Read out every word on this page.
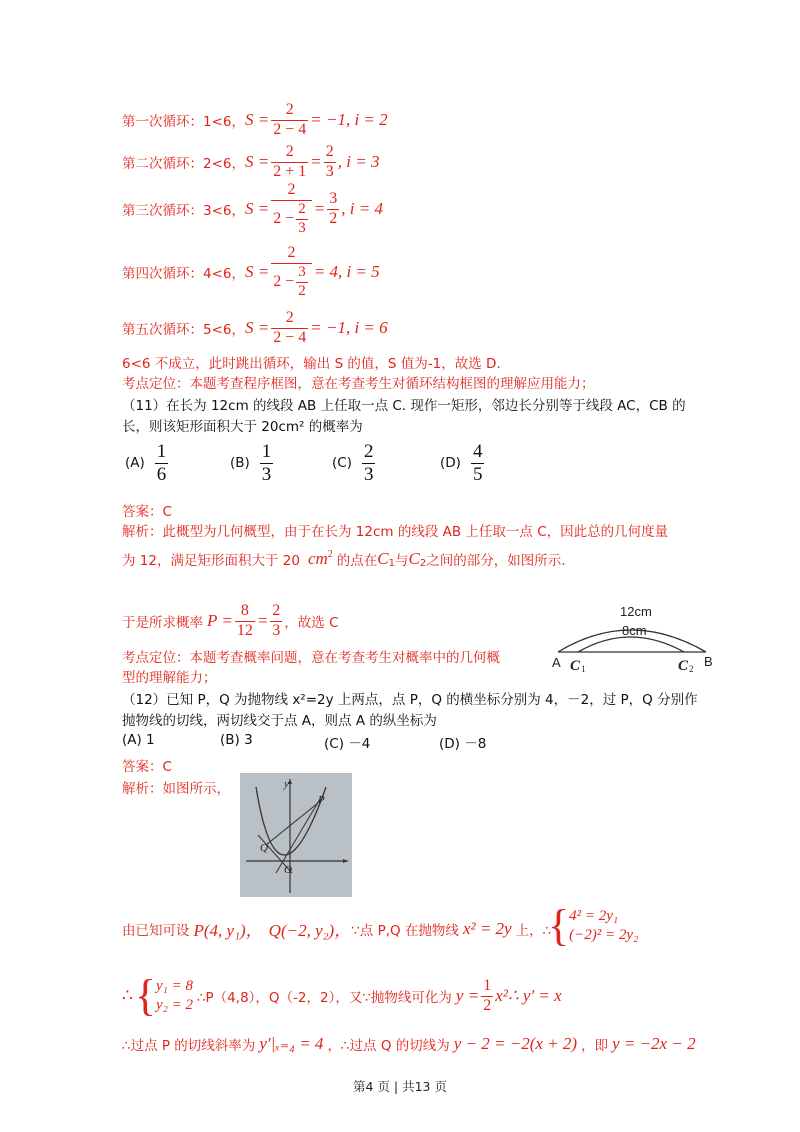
第一次循环：1<6， $S = \frac{2}{2 - 4} = -1$, i = 2
第二次循环：2<6， $S = \frac{2}{2 + 1} = \frac{2}{3}$ , i = 3
第三次循环：3<6， $S = \frac{2}{2 - \frac{2}{3}} = \frac{3}{2}$ , i = 4
第四次循环：4<6， $S = \frac{2}{2 - \frac{3}{2}} = 4$, i = 5
第五次循环：5<6， $S = \frac{2}{2 - 4} = -1$, i = 6
6<6 不成立，此时跳出循环，输出 S 的值，S 值为-1，故选 D.
考点定位：本题考查程序框图，意在考查考生对循环结构框图的理解应用能力；
（11）在长为 12cm 的线段 AB 上任取一点 C. 现作一矩形，邻边长分别等于线段 AC，CB 的
长，则该矩形面积大于 20cm² 的概率为
$(A) \frac{1}{6}$	$(B) \frac{1}{3}$	$(C) \frac{2}{3}$	$(D) \frac{4}{5}$
答案：C
解析：此概型为几何概型，由于在长为 12cm 的线段 AB 上任取一点 C，因此总的几何度量
为 12，满足矩形面积大于 20 $cm^2$ 的点在 $C_1$ 与 $C_2$ 之间的部分，如图所示.
于是所求概率 $P = \frac{8}{12} = \frac{2}{3}$ ，故选 C
考点定位：本题考查概率问题，意在考查考生对概率中的几何概
型的理解能力；
12cm
8cm
A C 1	C 2 B
（12）已知 P，Q 为抛物线 x²=2y 上两点，点 P，Q 的横坐标分别为 4，－2，过 P，Q 分别作
抛物线的切线，两切线交于点 A，则点 A 的纵坐标为
(A) 1	(B) 3	(C) －4	(D) －8
答案：C
解析：如图所示，	y
P
Q
O
由已知可设 P(4, y₁)， Q(−2, y₂)， ∵点 P,Q 在抛物线 x² = 2y 上，∴
{ 4² = 2y₁
(−2)² = 2y₂
∴ { y₁ = 8
y₂ = 2 ∴P（4,8），Q（-2，2），又∵抛物线可化为 $y = \frac{1}{2}$ x²∴ y′ = x
∴过点 P 的切线斜率为 y′|ₓ₌₄ = 4 ，∴过点 Q 的切线为 y − 2 = −2(x + 2) ，即 y = −2x − 2
第4 页 | 共13 页
